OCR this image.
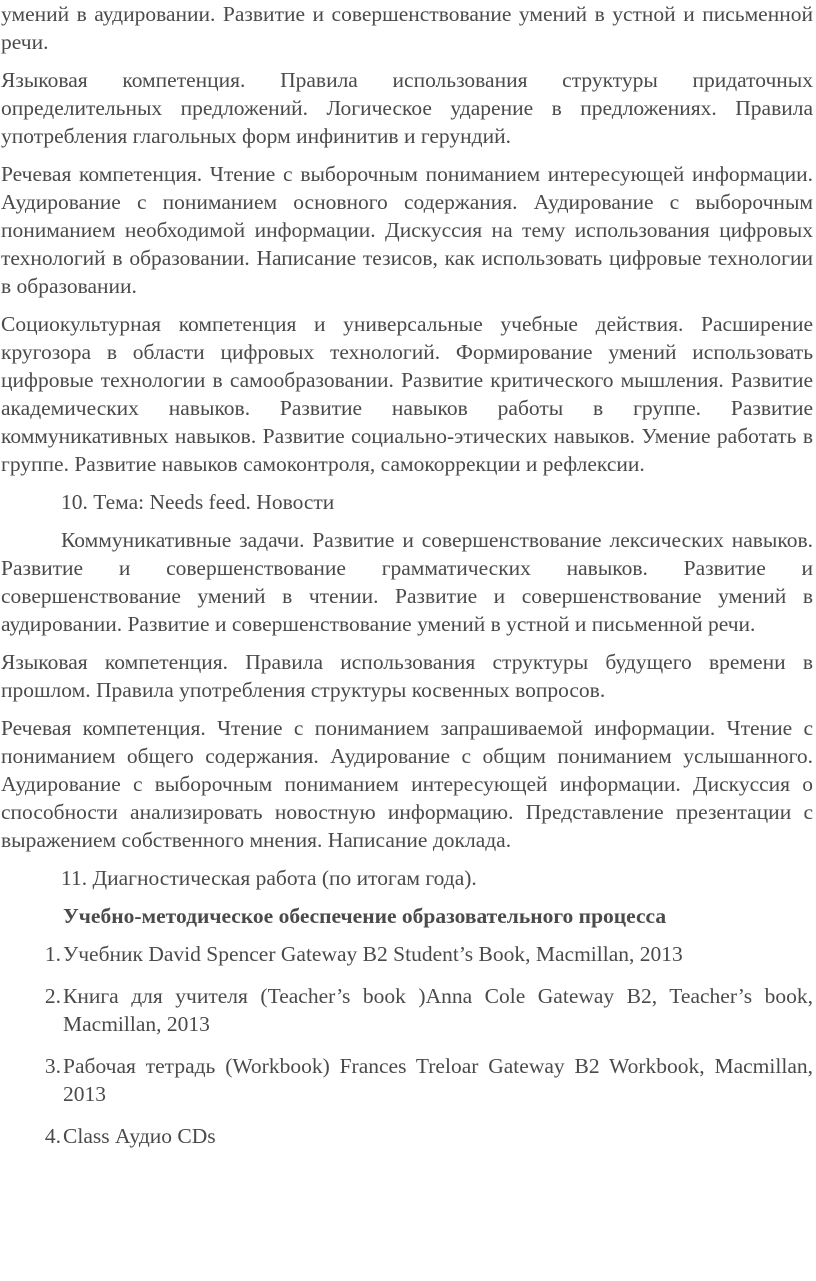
умений в аудировании. Развитие и совершенствование умений в устной и письменной речи.

Языковая компетенция. Правила использования структуры придаточных определительных предложений. Логическое ударение в предложениях. Правила употребления глагольных форм инфинитив и герундий.

Речевая компетенция. Чтение с выборочным пониманием интересующей информации. Аудирование с пониманием основного содержания. Аудирование с выборочным пониманием необходимой информации. Дискуссия на тему использования цифровых технологий в образовании. Написание тезисов, как использовать цифровые технологии в образовании.

Социокультурная компетенция и универсальные учебные действия. Расширение кругозора в области цифровых технологий. Формирование умений использовать цифровые технологии в самообразовании. Развитие критического мышления. Развитие академических навыков. Развитие навыков работы в группе. Развитие коммуникативных навыков. Развитие социально-этических навыков. Умение работать в группе. Развитие навыков самоконтроля, самокоррекции и рефлексии.

10. Тема: Needs feed. Новости

Коммуникативные задачи. Развитие и совершенствование лексических навыков. Развитие и совершенствование грамматических навыков. Развитие и совершенствование умений в чтении. Развитие и совершенствование умений в аудировании. Развитие и совершенствование умений в устной и письменной речи.

Языковая компетенция. Правила использования структуры будущего времени в прошлом. Правила употребления структуры косвенных вопросов.

Речевая компетенция. Чтение с пониманием запрашиваемой информации. Чтение с пониманием общего содержания. Аудирование с общим пониманием услышанного. Аудирование с выборочным пониманием интересующей информации. Дискуссия о способности анализировать новостную информацию. Представление презентации с выражением собственного мнения. Написание доклада.

11. Диагностическая работа (по итогам года).

Учебно-методическое обеспечение образовательного процесса

1. Учебник David Spencer Gateway B2 Student’s Book, Macmillan, 2013
2. Книга для учителя (Teacher’s book )Anna Cole Gateway B2, Teacher’s book, Macmillan, 2013
3. Рабочая тетрадь (Workbook) Frances Treloar Gateway B2 Workbook, Macmillan, 2013
4. Class Аудио CDs
